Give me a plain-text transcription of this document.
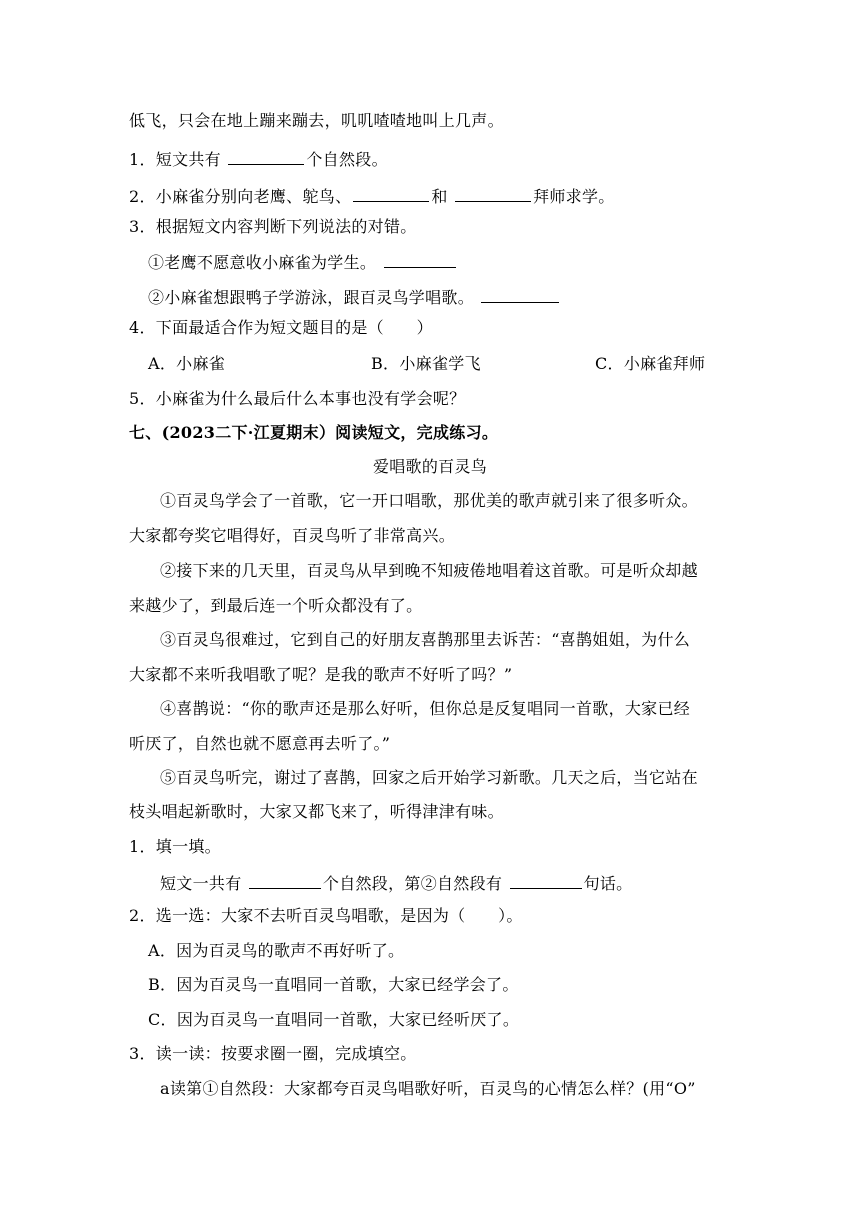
低飞，只会在地上蹦来蹦去，叽叽喳喳地叫上几声。
1．短文共有	个自然段。
2．小麻雀分别向老鹰、鸵鸟、	和	拜师求学。
3．根据短文内容判断下列说法的对错。
①老鹰不愿意收小麻雀为学生。
②小麻雀想跟鸭子学游泳，跟百灵鸟学唱歌。
4．下面最适合作为短文题目的是（　　）
A．小麻雀	B．小麻雀学飞	C．小麻雀拜师
5．小麻雀为什么最后什么本事也没有学会呢？
七、(2023二下·江夏期末）阅读短文，完成练习。
爱唱歌的百灵鸟
①百灵鸟学会了一首歌，它一开口唱歌，那优美的歌声就引来了很多听众。
大家都夸奖它唱得好，百灵鸟听了非常高兴。
②接下来的几天里，百灵鸟从早到晚不知疲倦地唱着这首歌。可是听众却越
来越少了，到最后连一个听众都没有了。
③百灵鸟很难过，它到自己的好朋友喜鹊那里去诉苦：“喜鹊姐姐，为什么
大家都不来听我唱歌了呢？是我的歌声不好听了吗？”
④喜鹊说：“你的歌声还是那么好听，但你总是反复唱同一首歌，大家已经
听厌了，自然也就不愿意再去听了。”
⑤百灵鸟听完，谢过了喜鹊，回家之后开始学习新歌。几天之后，当它站在
枝头唱起新歌时，大家又都飞来了，听得津津有味。
1．填一填。
短文一共有	个自然段，第②自然段有	句话。
2．选一选：大家不去听百灵鸟唱歌，是因为（　　）。
A．因为百灵鸟的歌声不再好听了。
B．因为百灵鸟一直唱同一首歌，大家已经学会了。
C．因为百灵鸟一直唱同一首歌，大家已经听厌了。
3．读一读：按要求圈一圈，完成填空。
a读第①自然段：大家都夸百灵鸟唱歌好听，百灵鸟的心情怎么样？(用“O”
